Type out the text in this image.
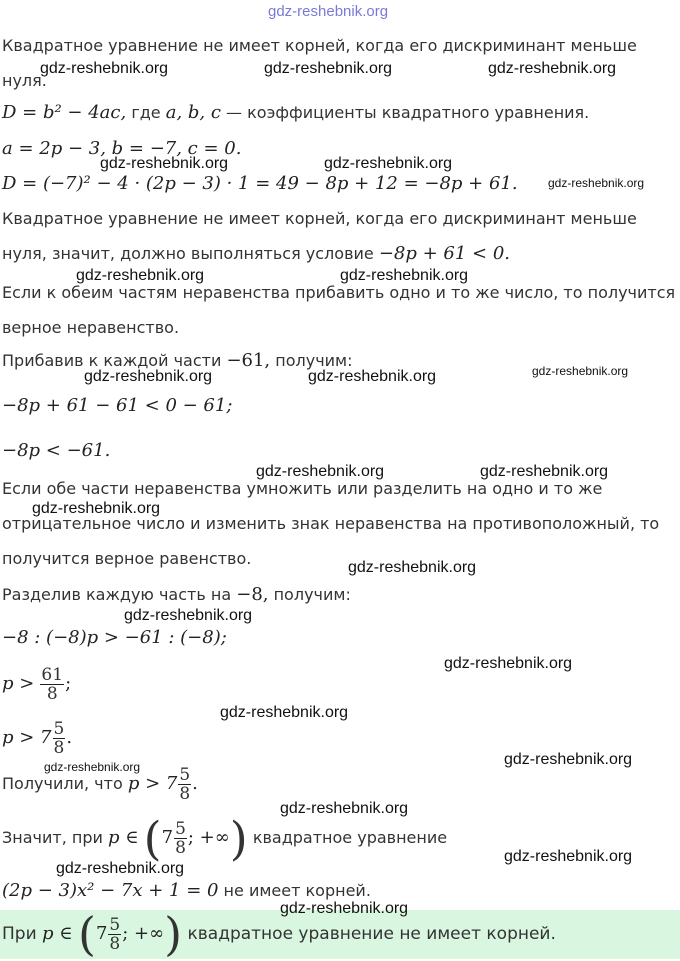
gdz-reshebnik.org
Квадратное уравнение не имеет корней, когда его дискриминант меньше
нуля.
gdz-reshebnik.org	gdz-reshebnik.org	gdz-reshebnik.org
D = b² − 4ac, где a, b, c — коэффициенты квадратного уравнения.
a = 2p − 3, b = −7, c = 0.
gdz-reshebnik.org	gdz-reshebnik.org
D = (−7)² − 4 · (2p − 3) · 1 = 49 − 8p + 12 = −8p + 61.	gdz-reshebnik.org
Квадратное уравнение не имеет корней, когда его дискриминант меньше
нуля, значит, должно выполняться условие −8p + 61 < 0.
gdz-reshebnik.org	gdz-reshebnik.org
Если к обеим частям неравенства прибавить одно и то же число, то получится
верное неравенство.
Прибавив к каждой части −61, получим:
gdz-reshebnik.org	gdz-reshebnik.org	gdz-reshebnik.org
−8p + 61 − 61 < 0 − 61;
−8p < −61.
gdz-reshebnik.org	gdz-reshebnik.org
Если обе части неравенства умножить или разделить на одно и то же
gdz-reshebnik.org
отрицательное число и изменить знак неравенства на противоположный, то
получится верное равенство.	gdz-reshebnik.org
Разделив каждую часть на −8, получим:
gdz-reshebnik.org
−8 : (−8)p > −61 : (−8);
gdz-reshebnik.org
$p > \frac{61}{8}$ ;
gdz-reshebnik.org
$p > 7 \frac{5}{8}$ .
gdz-reshebnik.org	gdz-reshebnik.org
Получили, что $p > 7 \frac{5}{8}$ .
gdz-reshebnik.org
Значит, при p ∈ ($7 \frac{5}{8}$ ; +∞) квадратное уравнение
gdz-reshebnik.org
gdz-reshebnik.org
(2p − 3)x² − 7x + 1 = 0 не имеет корней.
gdz-reshebnik.org
При p ∈ ($7 \frac{5}{8}$ ; +∞) квадратное уравнение не имеет корней.
